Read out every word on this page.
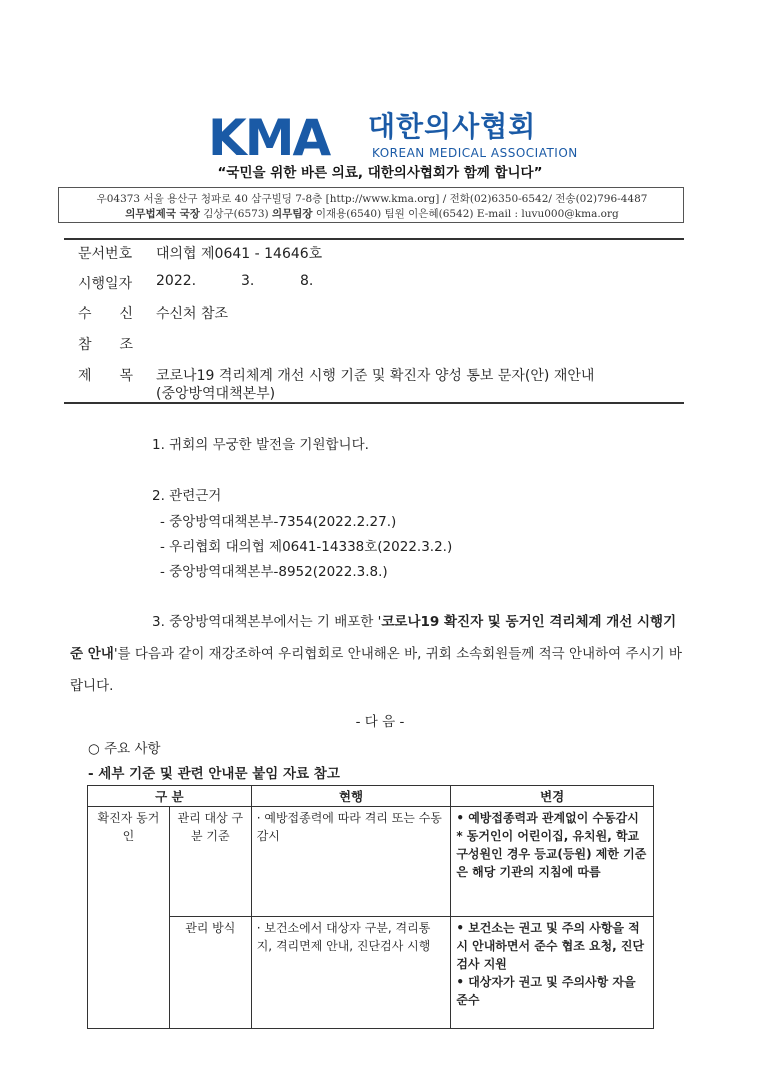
KMA 대한의사협회
KOREAN MEDICAL ASSOCIATION
“국민을 위한 바른 의료, 대한의사협회가 함께 합니다”
우04373 서울 용산구 청파로 40 삼구빌딩 7-8층 [http://www.kma.org] / 전화(02)6350-6542/ 전송(02)796-4487
의무법제국 국장 김상구(6573) 의무팀장 이재용(6540) 팀원 이은혜(6542) E-mail : luvu000@kma.org
문서번호 대의협 제0641 - 14646호
시행일자 2022.	3.	8.
수　　신 수신처 참조
참　　조
제　　목 코로나19 격리체계 개선 시행 기준 및 확진자 양성 통보 문자(안) 재안내
(중앙방역대책본부)
1. 귀회의 무궁한 발전을 기원합니다.
2. 관련근거
- 중앙방역대책본부-7354(2022.2.27.)
- 우리협회 대의협 제0641-14338호(2022.3.2.)
- 중앙방역대책본부-8952(2022.3.8.)
3. 중앙방역대책본부에서는 기 배포한 '코로나19 확진자 및 동거인 격리체계 개선 시행기준 안내'를 다음과 같이 재강조하여 우리협회로 안내해온 바, 귀회 소속회원들께 적극 안내하여 주시기 바랍니다.
- 다 음 -
○ 주요 사항
- 세부 기준 및 관련 안내문 붙임 자료 참고
구 분		현행	변경
확진자 동거인	관리 대상 구분 기준	· 예방접종력에 따라 격리 또는 수동감시	• 예방접종력과 관계없이 수동감시
* 동거인이 어린이집, 유치원, 학교 구성원인 경우 등교(등원) 제한 기준은 해당 기관의 지침에 따름

	관리 방식	· 보건소에서 대상자 구분, 격리통지, 격리면제 안내, 진단검사 시행	• 보건소는 권고 및 주의 사항을 적시 안내하면서 준수 협조 요청, 진단검사 지원
• 대상자가 권고 및 주의사항 자을 준수
